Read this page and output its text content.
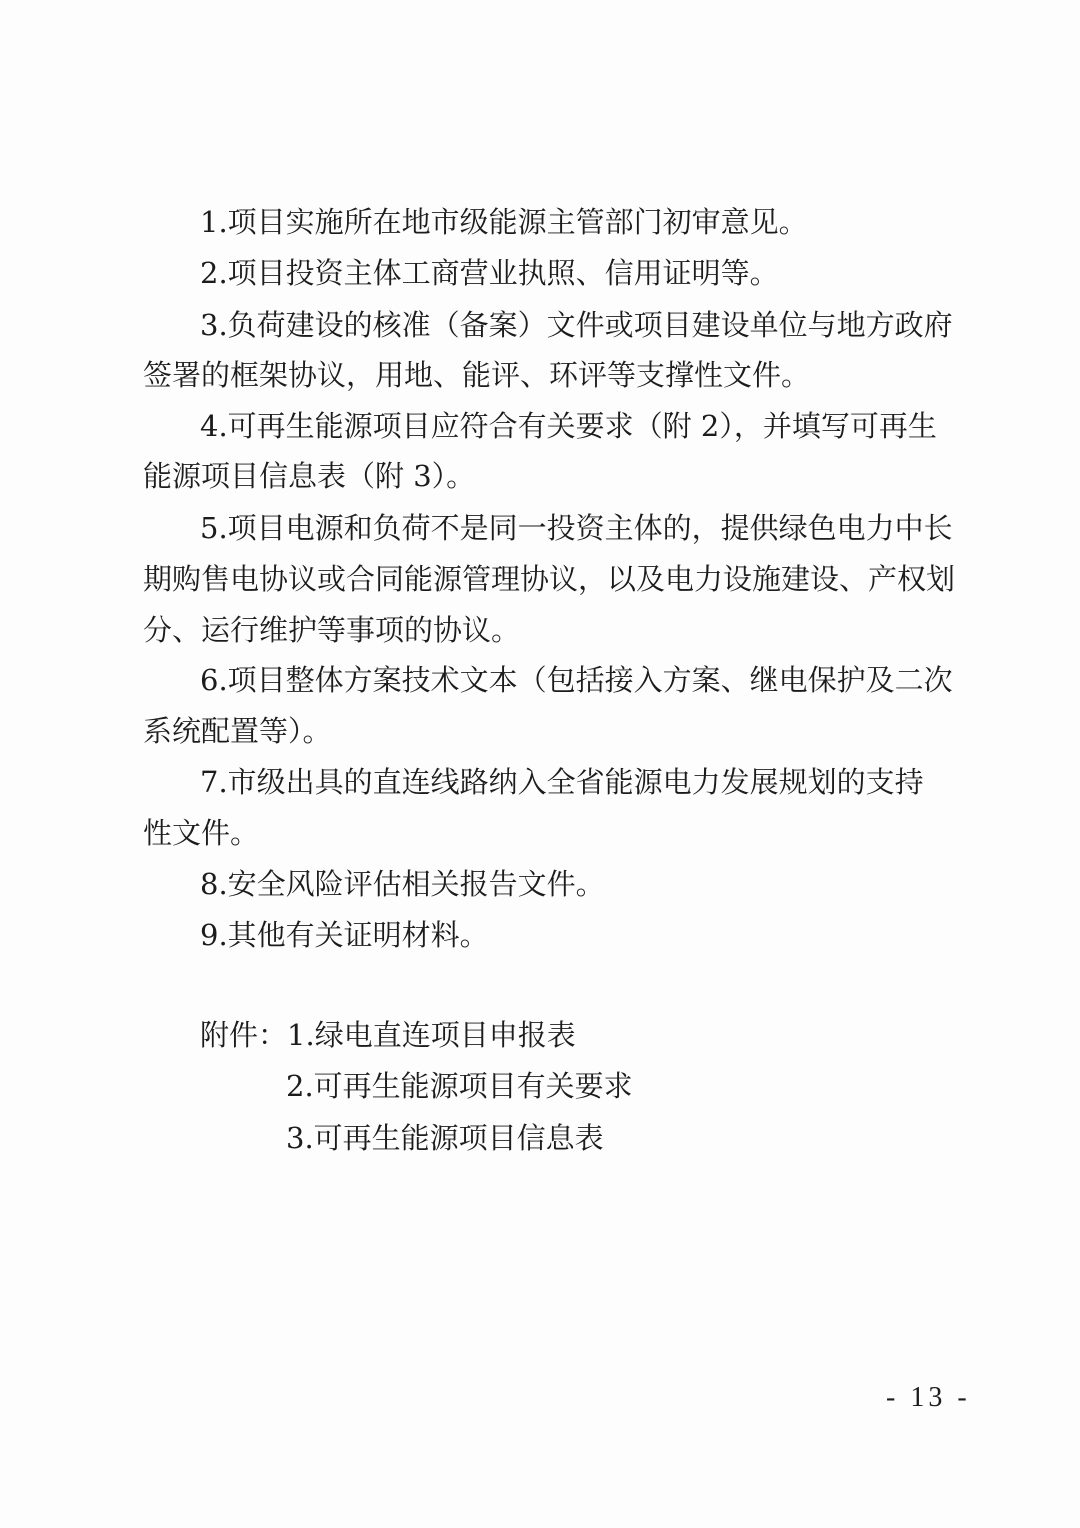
1.项目实施所在地市级能源主管部门初审意见。
2.项目投资主体工商营业执照、信用证明等。
3.负荷建设的核准（备案）文件或项目建设单位与地方政府
签署的框架协议，用地、能评、环评等支撑性文件。
4.可再生能源项目应符合有关要求（附 2），并填写可再生
能源项目信息表（附 3）。
5.项目电源和负荷不是同一投资主体的，提供绿色电力中长
期购售电协议或合同能源管理协议，以及电力设施建设、产权划
分、运行维护等事项的协议。
6.项目整体方案技术文本（包括接入方案、继电保护及二次
系统配置等）。
7.市级出具的直连线路纳入全省能源电力发展规划的支持
性文件。
8.安全风险评估相关报告文件。
9.其他有关证明材料。
附件：1.绿电直连项目申报表
2.可再生能源项目有关要求
3.可再生能源项目信息表
- 13 -
